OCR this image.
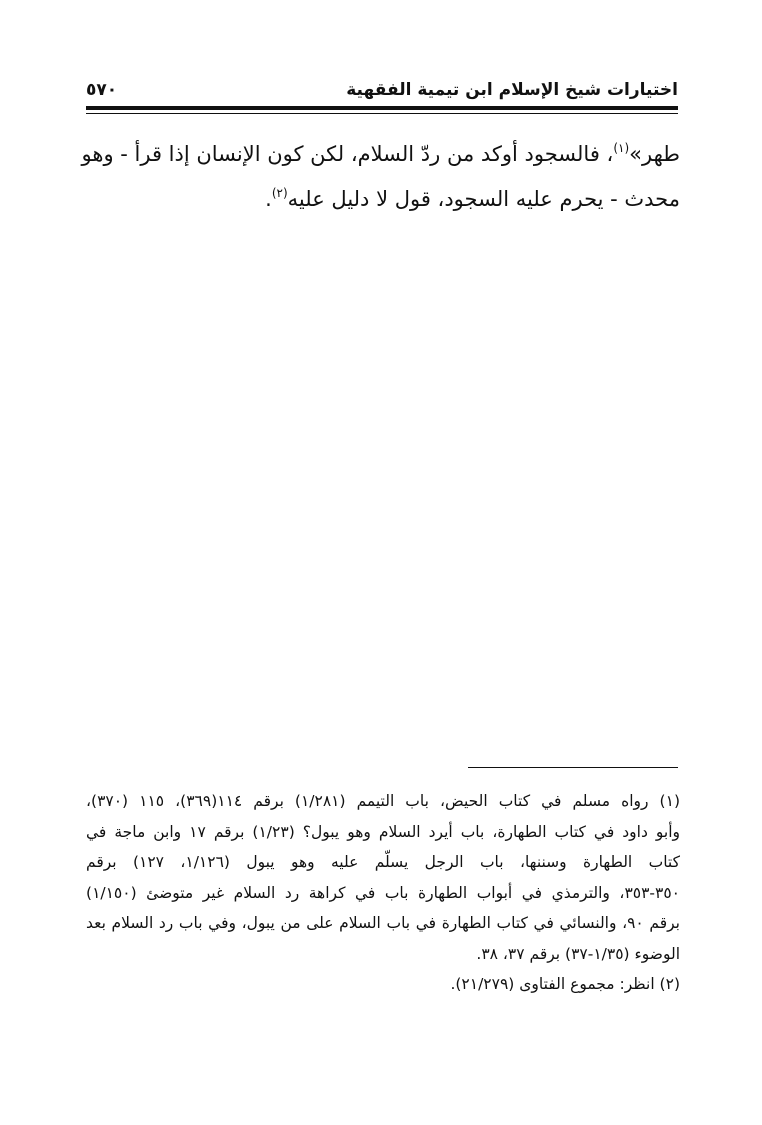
اختيارات شيخ الإسلام ابن تيمية الفقهية
٥٧٠
طهر»$^{(١)}$، فالسجود أوكد من ردّ السلام، لكن كون الإنسان إذا قرأ - وهو
محدث - يحرم عليه السجود، قول لا دليل عليه$^{(٢)}$.
(١) رواه مسلم في كتاب الحيض، باب التيمم (١/٢٨١) برقم ١١٤(٣٦٩)، ١١٥ (٣٧٠)،
وأبو داود في كتاب الطهارة، باب أيرد السلام وهو يبول؟ (١/٢٣) برقم ١٧ وابن ماجة في
كتاب الطهارة وسننها، باب الرجل يسلّم عليه وهو يبول (١/١٢٦، ١٢٧) برقم
٣٥٠-٣٥٣، والترمذي في أبواب الطهارة باب في كراهة رد السلام غير متوضئ (١/١٥٠)
برقم ٩٠، والنسائي في كتاب الطهارة في باب السلام على من يبول، وفي باب رد السلام بعد
الوضوء (١/٣٥-٣٧) برقم ٣٧، ٣٨.
(٢) انظر: مجموع الفتاوى (٢١/٢٧٩).
